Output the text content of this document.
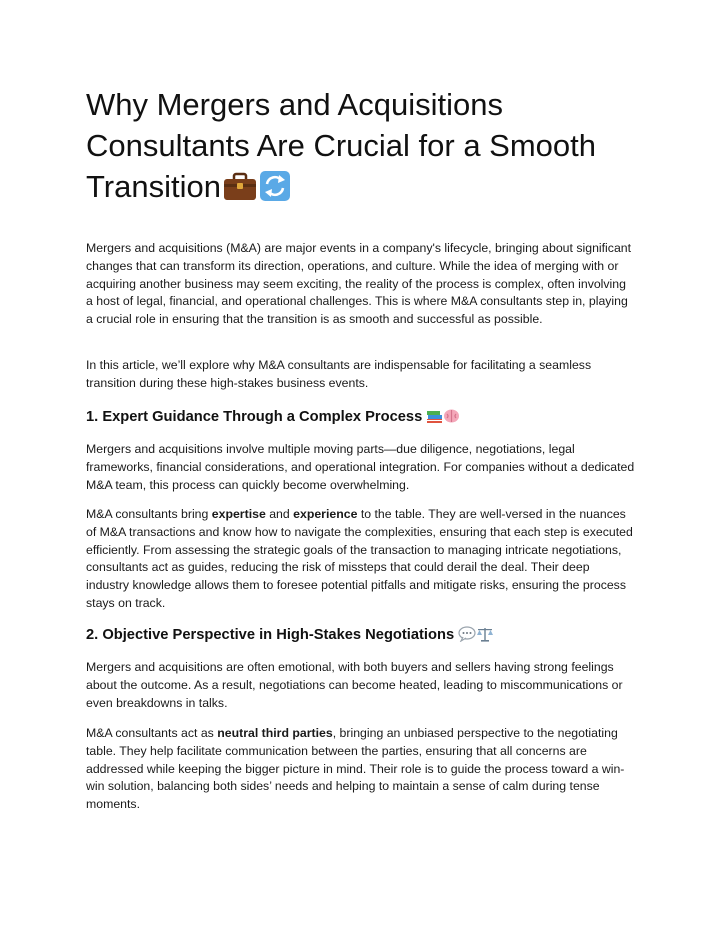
Why Mergers and Acquisitions Consultants Are Crucial for a Smooth Transition

Mergers and acquisitions (M&A) are major events in a company's lifecycle, bringing about significant changes that can transform its direction, operations, and culture. While the idea of merging with or acquiring another business may seem exciting, the reality of the process is complex, often involving a host of legal, financial, and operational challenges. This is where M&A consultants step in, playing a crucial role in ensuring that the transition is as smooth and successful as possible.

In this article, we’ll explore why M&A consultants are indispensable for facilitating a seamless transition during these high-stakes business events.

1. Expert Guidance Through a Complex Process

Mergers and acquisitions involve multiple moving parts—due diligence, negotiations, legal frameworks, financial considerations, and operational integration. For companies without a dedicated M&A team, this process can quickly become overwhelming.

M&A consultants bring expertise and experience to the table. They are well-versed in the nuances of M&A transactions and know how to navigate the complexities, ensuring that each step is executed efficiently. From assessing the strategic goals of the transaction to managing intricate negotiations, consultants act as guides, reducing the risk of missteps that could derail the deal. Their deep industry knowledge allows them to foresee potential pitfalls and mitigate risks, ensuring the process stays on track.

2. Objective Perspective in High-Stakes Negotiations

Mergers and acquisitions are often emotional, with both buyers and sellers having strong feelings about the outcome. As a result, negotiations can become heated, leading to miscommunications or even breakdowns in talks.

M&A consultants act as neutral third parties, bringing an unbiased perspective to the negotiating table. They help facilitate communication between the parties, ensuring that all concerns are addressed while keeping the bigger picture in mind. Their role is to guide the process toward a win-win solution, balancing both sides’ needs and helping to maintain a sense of calm during tense moments.
